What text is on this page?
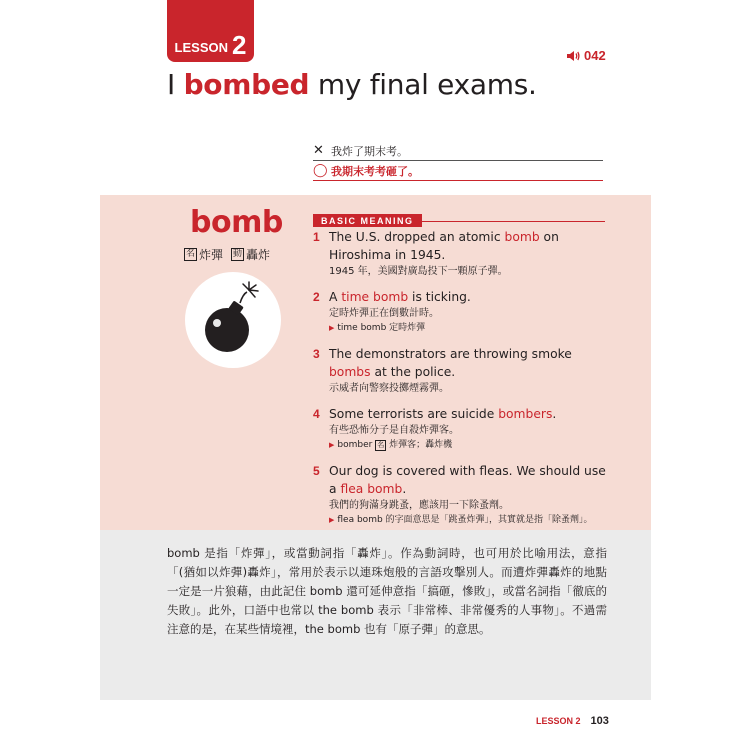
LESSON 2	042
I bombed my final exams.
✕ 我炸了期末考。
◯ 我期末考考砸了。
bomb
名 炸彈 動 轟炸
BASIC MEANING
1 The U.S. dropped an atomic bomb on Hiroshima in 1945.
1945 年，美國對廣島投下一顆原子彈。
2 A time bomb is ticking.
定時炸彈正在倒數計時。
▶ time bomb 定時炸彈
3 The demonstrators are throwing smoke bombs at the police.
示威者向警察投擲煙霧彈。
4 Some terrorists are suicide bombers.
有些恐怖分子是自殺炸彈客。
▶ bomber 名 炸彈客；轟炸機
5 Our dog is covered with fleas. We should use a flea bomb.
我們的狗滿身跳蚤，應該用一下除蚤劑。
▶ flea bomb 的字面意思是「跳蚤炸彈」，其實就是指「除蚤劑」。

bomb 是指「炸彈」，或當動詞指「轟炸」。作為動詞時，也可用於比喻用法，意指「(猶如以炸彈)轟炸」，常用於表示以連珠炮般的言語攻擊別人。而遭炸彈轟炸的地點一定是一片狼藉，由此記住 bomb 還可延伸意指「搞砸，慘敗」，或當名詞指「徹底的失敗」。此外，口語中也常以 the bomb 表示「非常棒、非常優秀的人事物」。不過需注意的是，在某些情境裡，the bomb 也有「原子彈」的意思。

LESSON 2 103
